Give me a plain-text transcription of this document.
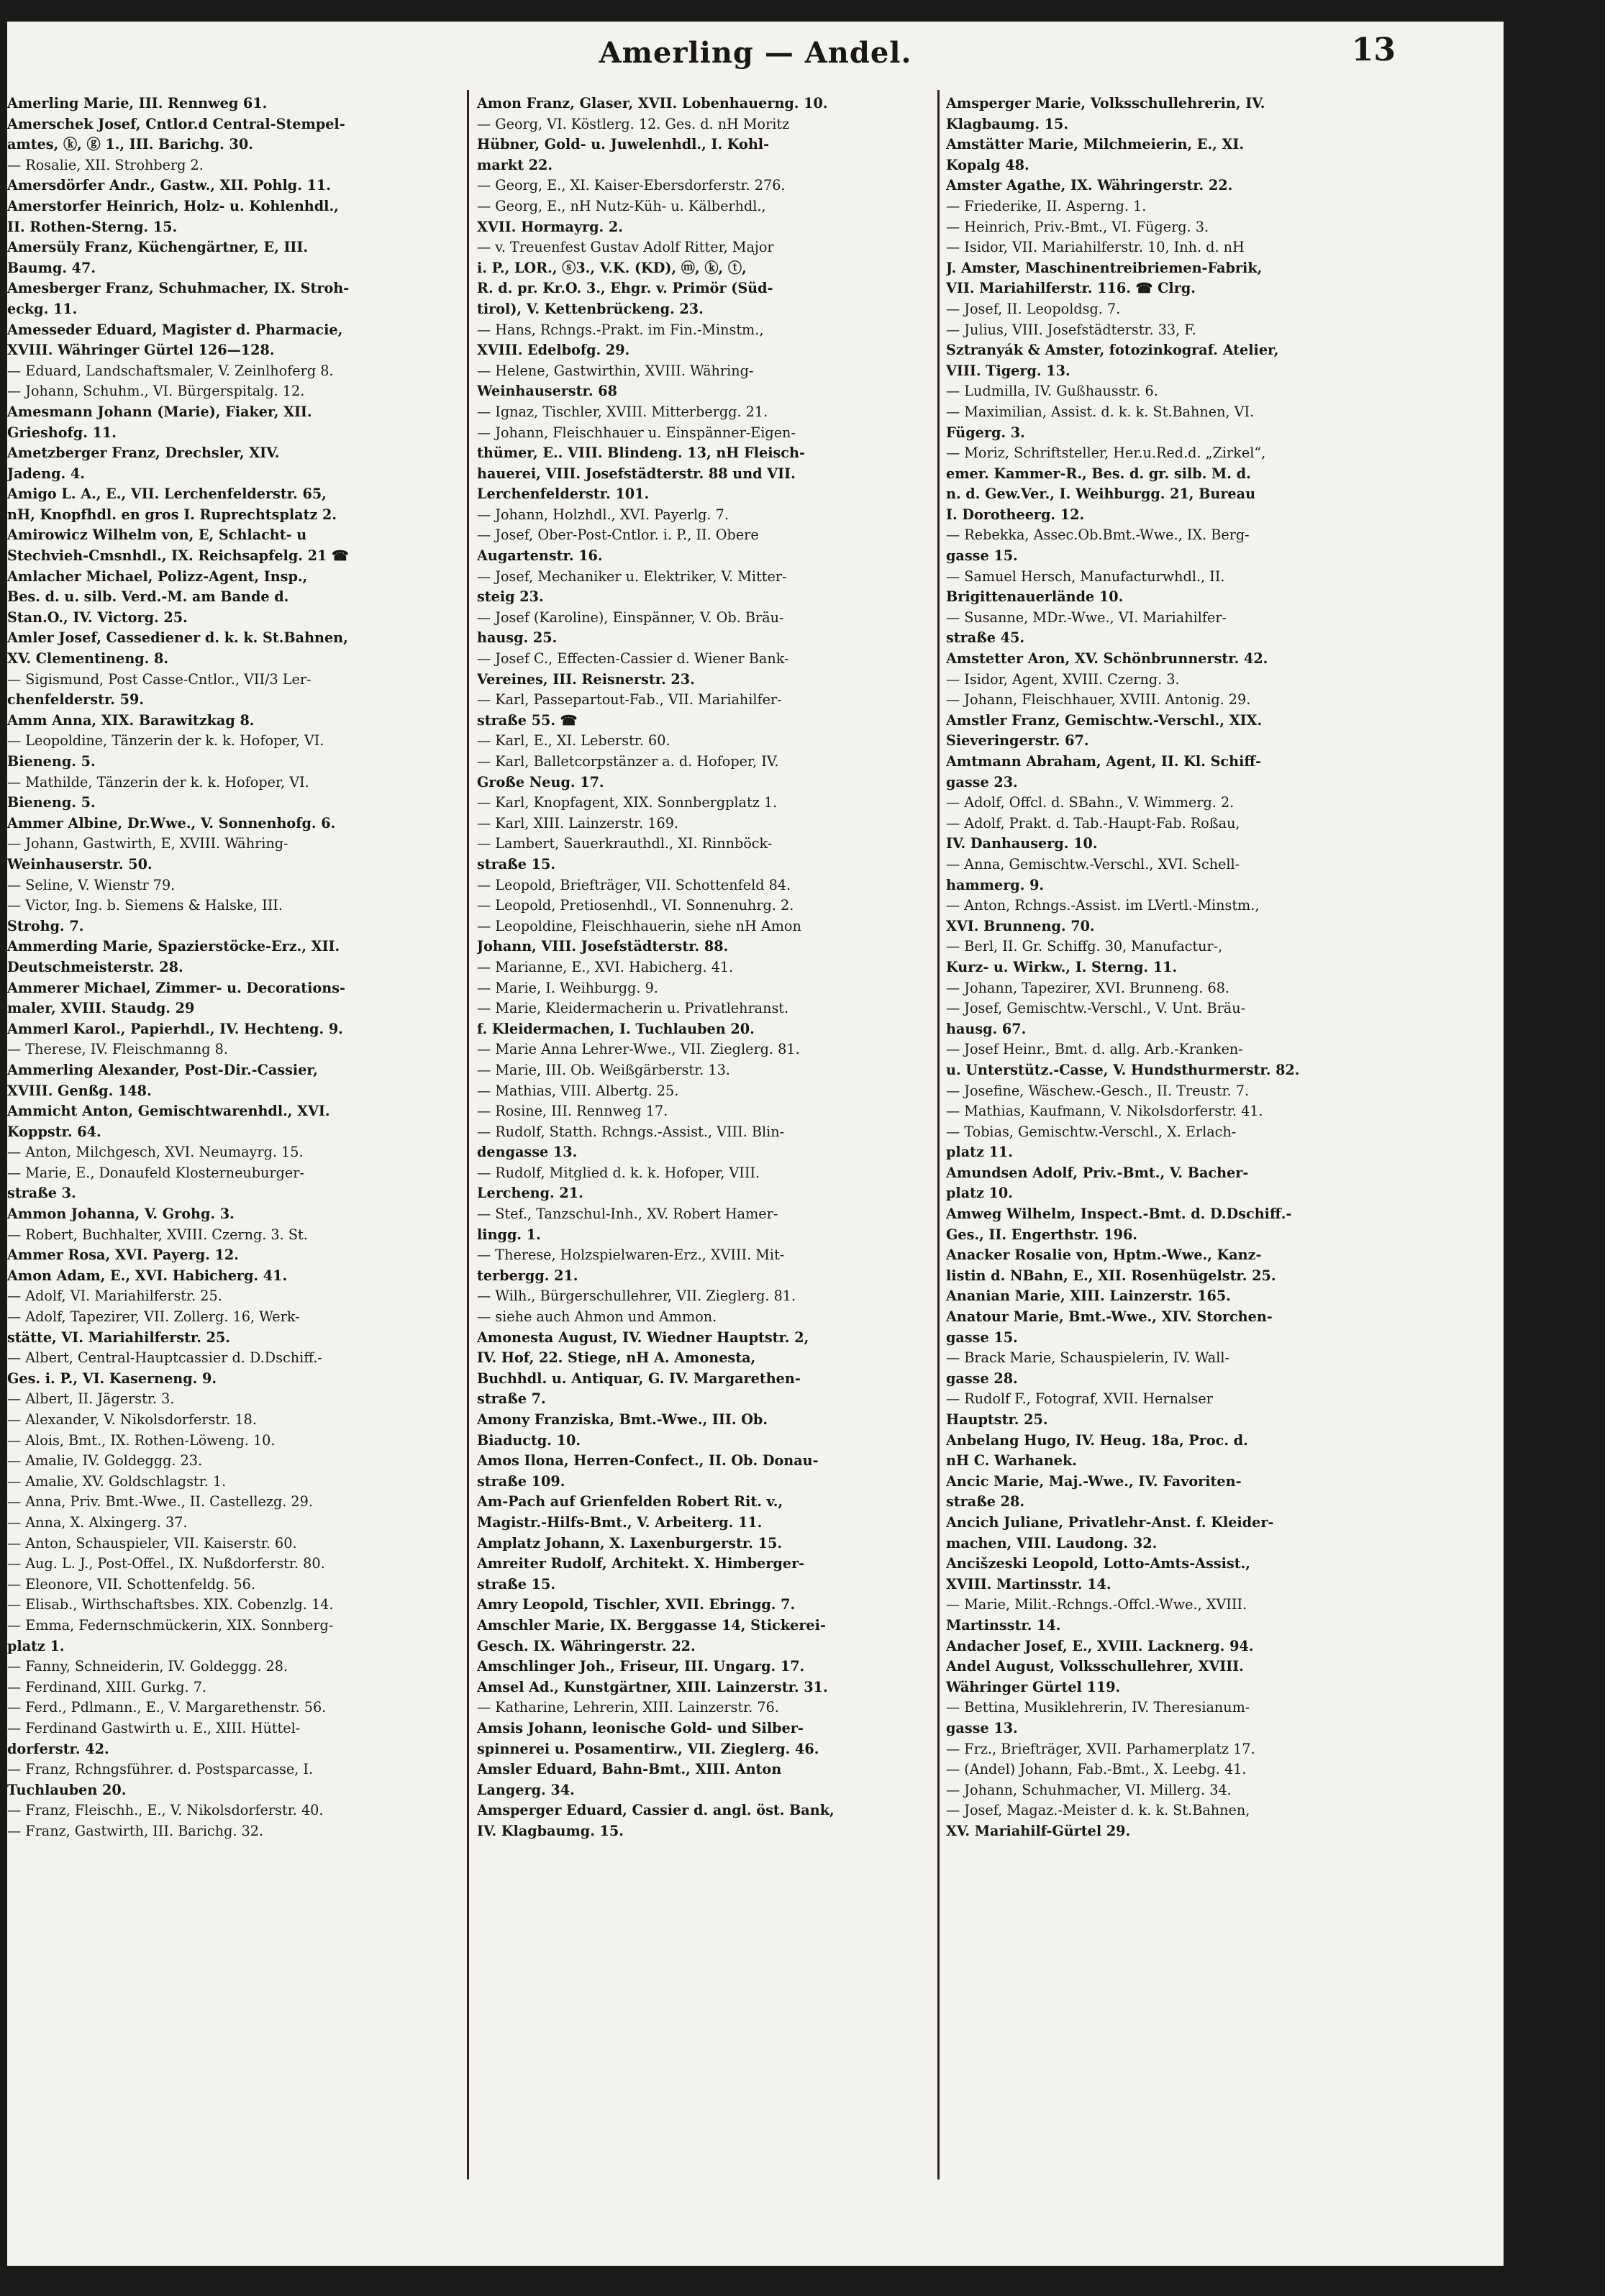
Amerling — Andel.	13
Amerling Marie, III. Rennweg 61.
Amerschek Josef, Cntlor.d Central-Stempel-
amtes, ⓚ, ⓖ 1., III. Barichg. 30.
— Rosalie, XII. Strohberg 2.
Amersdörfer Andr., Gastw., XII. Pohlg. 11.
Amerstorfer Heinrich, Holz- u. Kohlenhdl.,
II. Rothen-Sterng. 15.
Amersüly Franz, Küchengärtner, E, III.
Baumg. 47.
Amesberger Franz, Schuhmacher, IX. Stroh-
eckg. 11.
Amesseder Eduard, Magister d. Pharmacie,
XVIII. Währinger Gürtel 126—128.
— Eduard, Landschaftsmaler, V. Zeinlhoferg 8.
— Johann, Schuhm., VI. Bürgerspitalg. 12.
Amesmann Johann (Marie), Fiaker, XII.
Grieshofg. 11.
Ametzberger Franz, Drechsler, XIV.
Jadeng. 4.
Amigo L. A., E., VII. Lerchenfelderstr. 65,
nH, Knopfhdl. en gros I. Ruprechtsplatz 2.
Amirowicz Wilhelm von, E, Schlacht- u
Stechvieh-Cmsnhdl., IX. Reichsapfelg. 21 ☎
Amlacher Michael, Polizz-Agent, Insp.,
Bes. d. u. silb. Verd.-M. am Bande d.
Stan.O., IV. Victorg. 25.
Amler Josef, Cassediener d. k. k. St.Bahnen,
XV. Clementineng. 8.
— Sigismund, Post Casse-Cntlor., VII/3 Ler-
chenfelderstr. 59.
Amm Anna, XIX. Barawitzkag 8.
— Leopoldine, Tänzerin der k. k. Hofoper, VI.
Bieneng. 5.
— Mathilde, Tänzerin der k. k. Hofoper, VI.
Bieneng. 5.
Ammer Albine, Dr.Wwe., V. Sonnenhofg. 6.
— Johann, Gastwirth, E, XVIII. Währing-
Weinhauserstr. 50.
— Seline, V. Wienstr 79.
— Victor, Ing. b. Siemens & Halske, III.
Strohg. 7.
Ammerding Marie, Spazierstöcke-Erz., XII.
Deutschmeisterstr. 28.
Ammerer Michael, Zimmer- u. Decorations-
maler, XVIII. Staudg. 29
Ammerl Karol., Papierhdl., IV. Hechteng. 9.
— Therese, IV. Fleischmanng 8.
Ammerling Alexander, Post-Dir.-Cassier,
XVIII. Genßg. 148.
Ammicht Anton, Gemischtwarenhdl., XVI.
Koppstr. 64.
— Anton, Milchgesch, XVI. Neumayrg. 15.
— Marie, E., Donaufeld Klosterneuburger-
straße 3.
Ammon Johanna, V. Grohg. 3.
— Robert, Buchhalter, XVIII. Czerng. 3. St.
Ammer Rosa, XVI. Payerg. 12.
Amon Adam, E., XVI. Habicherg. 41.
— Adolf, VI. Mariahilferstr. 25.
— Adolf, Tapezirer, VII. Zollerg. 16, Werk-
stätte, VI. Mariahilferstr. 25.
— Albert, Central-Hauptcassier d. D.Dschiff.-
Ges. i. P., VI. Kaserneng. 9.
— Albert, II. Jägerstr. 3.
— Alexander, V. Nikolsdorferstr. 18.
— Alois, Bmt., IX. Rothen-Löweng. 10.
— Amalie, IV. Goldeggg. 23.
— Amalie, XV. Goldschlagstr. 1.
— Anna, Priv. Bmt.-Wwe., II. Castellezg. 29.
— Anna, X. Alxingerg. 37.
— Anton, Schauspieler, VII. Kaiserstr. 60.
— Aug. L. J., Post-Offel., IX. Nußdorferstr. 80.
— Eleonore, VII. Schottenfeldg. 56.
— Elisab., Wirthschaftsbes. XIX. Cobenzlg. 14.
— Emma, Federnschmückerin, XIX. Sonnberg-
platz 1.
— Fanny, Schneiderin, IV. Goldeggg. 28.
— Ferdinand, XIII. Gurkg. 7.
— Ferd., Pdlmann., E., V. Margarethenstr. 56.
— Ferdinand Gastwirth u. E., XIII. Hüttel-
dorferstr. 42.
— Franz, Rchngsführer. d. Postsparcasse, I.
Tuchlauben 20.
— Franz, Fleischh., E., V. Nikolsdorferstr. 40.
— Franz, Gastwirth, III. Barichg. 32.
Amon Franz, Glaser, XVII. Lobenhauerng. 10.
— Georg, VI. Köstlerg. 12. Ges. d. nH Moritz
Hübner, Gold- u. Juwelenhdl., I. Kohl-
markt 22.
— Georg, E., XI. Kaiser-Ebersdorferstr. 276.
— Georg, E., nH Nutz-Küh- u. Kälberhdl.,
XVII. Hormayrg. 2.
— v. Treuenfest Gustav Adolf Ritter, Major
i. P., LOR., ⓢ3., V.K. (KD), ⓜ, ⓚ, ⓣ,
R. d. pr. Kr.O. 3., Ehgr. v. Primör (Süd-
tirol), V. Kettenbrückeng. 23.
— Hans, Rchngs.-Prakt. im Fin.-Minstm.,
XVIII. Edelbofg. 29.
— Helene, Gastwirthin, XVIII. Währing-
Weinhauserstr. 68
— Ignaz, Tischler, XVIII. Mitterbergg. 21.
— Johann, Fleischhauer u. Einspänner-Eigen-
thümer, E.. VIII. Blindeng. 13, nH Fleisch-
hauerei, VIII. Josefstädterstr. 88 und VII.
Lerchenfelderstr. 101.
— Johann, Holzhdl., XVI. Payerlg. 7.
— Josef, Ober-Post-Cntlor. i. P., II. Obere
Augartenstr. 16.
— Josef, Mechaniker u. Elektriker, V. Mitter-
steig 23.
— Josef (Karoline), Einspänner, V. Ob. Bräu-
hausg. 25.
— Josef C., Effecten-Cassier d. Wiener Bank-
Vereines, III. Reisnerstr. 23.
— Karl, Passepartout-Fab., VII. Mariahilfer-
straße 55. ☎
— Karl, E., XI. Leberstr. 60.
— Karl, Balletcorpstänzer a. d. Hofoper, IV.
Große Neug. 17.
— Karl, Knopfagent, XIX. Sonnbergplatz 1.
— Karl, XIII. Lainzerstr. 169.
— Lambert, Sauerkrauthdl., XI. Rinnböck-
straße 15.
— Leopold, Briefträger, VII. Schottenfeld 84.
— Leopold, Pretiosenhdl., VI. Sonnenuhrg. 2.
— Leopoldine, Fleischhauerin, siehe nH Amon
Johann, VIII. Josefstädterstr. 88.
— Marianne, E., XVI. Habicherg. 41.
— Marie, I. Weihburgg. 9.
— Marie, Kleidermacherin u. Privatlehranst.
f. Kleidermachen, I. Tuchlauben 20.
— Marie Anna Lehrer-Wwe., VII. Zieglerg. 81.
— Marie, III. Ob. Weißgärberstr. 13.
— Mathias, VIII. Albertg. 25.
— Rosine, III. Rennweg 17.
— Rudolf, Statth. Rchngs.-Assist., VIII. Blin-
dengasse 13.
— Rudolf, Mitglied d. k. k. Hofoper, VIII.
Lercheng. 21.
— Stef., Tanzschul-Inh., XV. Robert Hamer-
lingg. 1.
— Therese, Holzspielwaren-Erz., XVIII. Mit-
terbergg. 21.
— Wilh., Bürgerschullehrer, VII. Zieglerg. 81.
— siehe auch Ahmon und Ammon.
Amonesta August, IV. Wiedner Hauptstr. 2,
IV. Hof, 22. Stiege, nH A. Amonesta,
Buchhdl. u. Antiquar, G. IV. Margarethen-
straße 7.
Amony Franziska, Bmt.-Wwe., III. Ob.
Biaductg. 10.
Amos Ilona, Herren-Confect., II. Ob. Donau-
straße 109.
Am-Pach auf Grienfelden Robert Rit. v.,
Magistr.-Hilfs-Bmt., V. Arbeiterg. 11.
Amplatz Johann, X. Laxenburgerstr. 15.
Amreiter Rudolf, Architekt. X. Himberger-
straße 15.
Amry Leopold, Tischler, XVII. Ebringg. 7.
Amschler Marie, IX. Berggasse 14, Stickerei-
Gesch. IX. Währingerstr. 22.
Amschlinger Joh., Friseur, III. Ungarg. 17.
Amsel Ad., Kunstgärtner, XIII. Lainzerstr. 31.
— Katharine, Lehrerin, XIII. Lainzerstr. 76.
Amsis Johann, leonische Gold- und Silber-
spinnerei u. Posamentirw., VII. Zieglerg. 46.
Amsler Eduard, Bahn-Bmt., XIII. Anton
Langerg. 34.
Amsperger Eduard, Cassier d. angl. öst. Bank,
IV. Klagbaumg. 15.
Amsperger Marie, Volksschullehrerin, IV.
Klagbaumg. 15.
Amstätter Marie, Milchmeierin, E., XI.
Kopalg 48.
Amster Agathe, IX. Währingerstr. 22.
— Friederike, II. Asperng. 1.
— Heinrich, Priv.-Bmt., VI. Fügerg. 3.
— Isidor, VII. Mariahilferstr. 10, Inh. d. nH
J. Amster, Maschinentreibriemen-Fabrik,
VII. Mariahilferstr. 116. ☎ Clrg.
— Josef, II. Leopoldsg. 7.
— Julius, VIII. Josefstädterstr. 33, F.
Sztranyák & Amster, fotozinkograf. Atelier,
VIII. Tigerg. 13.
— Ludmilla, IV. Gußhausstr. 6.
— Maximilian, Assist. d. k. k. St.Bahnen, VI.
Fügerg. 3.
— Moriz, Schriftsteller, Her.u.Red.d. „Zirkel“,
emer. Kammer-R., Bes. d. gr. silb. M. d.
n. d. Gew.Ver., I. Weihburgg. 21, Bureau
I. Dorotheerg. 12.
— Rebekka, Assec.Ob.Bmt.-Wwe., IX. Berg-
gasse 15.
— Samuel Hersch, Manufacturwhdl., II.
Brigittenauerlände 10.
— Susanne, MDr.-Wwe., VI. Mariahilfer-
straße 45.
Amstetter Aron, XV. Schönbrunnerstr. 42.
— Isidor, Agent, XVIII. Czerng. 3.
— Johann, Fleischhauer, XVIII. Antonig. 29.
Amstler Franz, Gemischtw.-Verschl., XIX.
Sieveringerstr. 67.
Amtmann Abraham, Agent, II. Kl. Schiff-
gasse 23.
— Adolf, Offcl. d. SBahn., V. Wimmerg. 2.
— Adolf, Prakt. d. Tab.-Haupt-Fab. Roßau,
IV. Danhauserg. 10.
— Anna, Gemischtw.-Verschl., XVI. Schell-
hammerg. 9.
— Anton, Rchngs.-Assist. im LVertl.-Minstm.,
XVI. Brunneng. 70.
— Berl, II. Gr. Schiffg. 30, Manufactur-,
Kurz- u. Wirkw., I. Sterng. 11.
— Johann, Tapezirer, XVI. Brunneng. 68.
— Josef, Gemischtw.-Verschl., V. Unt. Bräu-
hausg. 67.
— Josef Heinr., Bmt. d. allg. Arb.-Kranken-
u. Unterstütz.-Casse, V. Hundsthurmerstr. 82.
— Josefine, Wäschew.-Gesch., II. Treustr. 7.
— Mathias, Kaufmann, V. Nikolsdorferstr. 41.
— Tobias, Gemischtw.-Verschl., X. Erlach-
platz 11.
Amundsen Adolf, Priv.-Bmt., V. Bacher-
platz 10.
Amweg Wilhelm, Inspect.-Bmt. d. D.Dschiff.-
Ges., II. Engerthstr. 196.
Anacker Rosalie von, Hptm.-Wwe., Kanz-
listin d. NBahn, E., XII. Rosenhügelstr. 25.
Ananian Marie, XIII. Lainzerstr. 165.
Anatour Marie, Bmt.-Wwe., XIV. Storchen-
gasse 15.
— Brack Marie, Schauspielerin, IV. Wall-
gasse 28.
— Rudolf F., Fotograf, XVII. Hernalser
Hauptstr. 25.
Anbelang Hugo, IV. Heug. 18a, Proc. d.
nH C. Warhanek.
Ancic Marie, Maj.-Wwe., IV. Favoriten-
straße 28.
Ancich Juliane, Privatlehr-Anst. f. Kleider-
machen, VIII. Laudong. 32.
Ancišzeski Leopold, Lotto-Amts-Assist.,
XVIII. Martinsstr. 14.
— Marie, Milit.-Rchngs.-Offcl.-Wwe., XVIII.
Martinsstr. 14.
Andacher Josef, E., XVIII. Lacknerg. 94.
Andel August, Volksschullehrer, XVIII.
Währinger Gürtel 119.
— Bettina, Musiklehrerin, IV. Theresianum-
gasse 13.
— Frz., Briefträger, XVII. Parhamerplatz 17.
— (Andel) Johann, Fab.-Bmt., X. Leebg. 41.
— Johann, Schuhmacher, VI. Millerg. 34.
— Josef, Magaz.-Meister d. k. k. St.Bahnen,
XV. Mariahilf-Gürtel 29.
